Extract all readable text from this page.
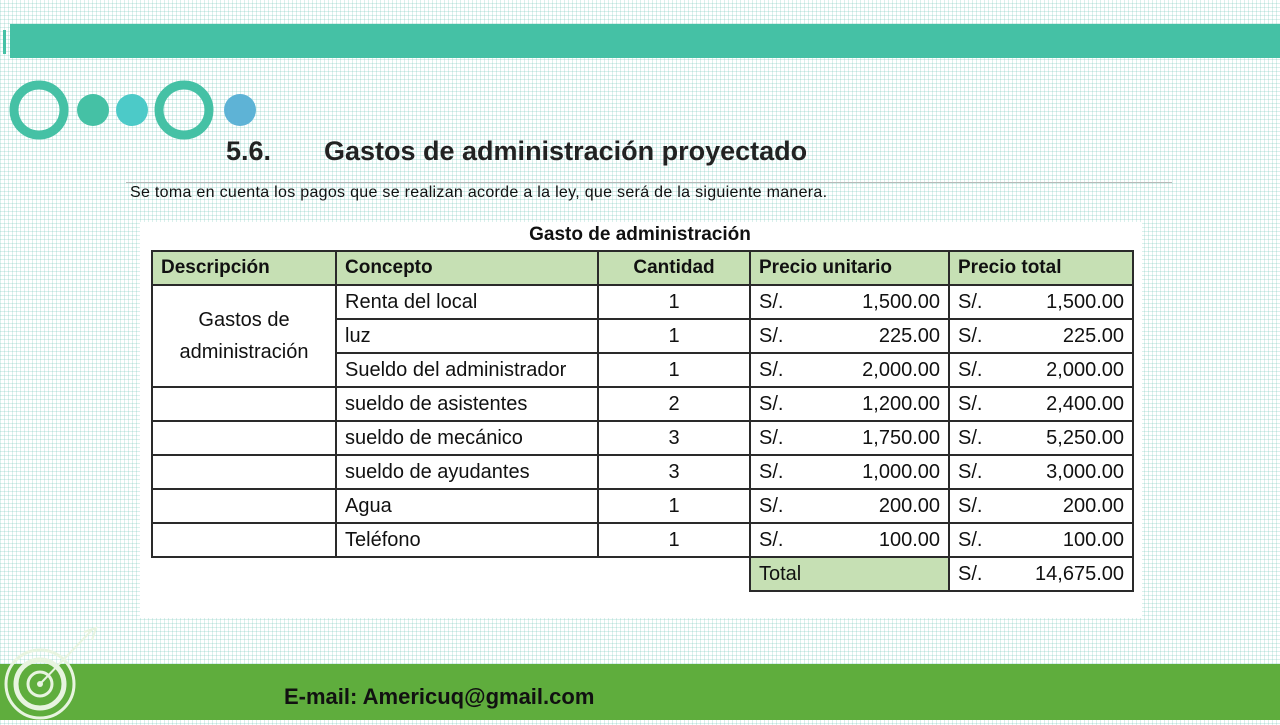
5.6. Gastos de administración proyectado

Se toma en cuenta los pagos que se realizan acorde a la ley, que será de la siguiente manera.

Gasto de administración
Descripción	Concepto	Cantidad	Precio unitario	Precio total
Gastos de administración	Renta del local	1	S/. 1,500.00	S/. 1,500.00

	luz	1	S/. 225.00	S/. 225.00

	Sueldo del administrador	1	S/. 2,000.00	S/. 2,000.00

	sueldo de asistentes	2	S/. 1,200.00	S/. 2,400.00

	sueldo de mecánico	3	S/. 1,750.00	S/. 5,250.00

	sueldo de ayudantes	3	S/. 1,000.00	S/. 3,000.00

	Agua	1	S/. 200.00	S/. 200.00

	Teléfono	1	S/. 100.00	S/. 100.00

			Total	S/. 14,675.00

E-mail: Americuq@gmail.com
